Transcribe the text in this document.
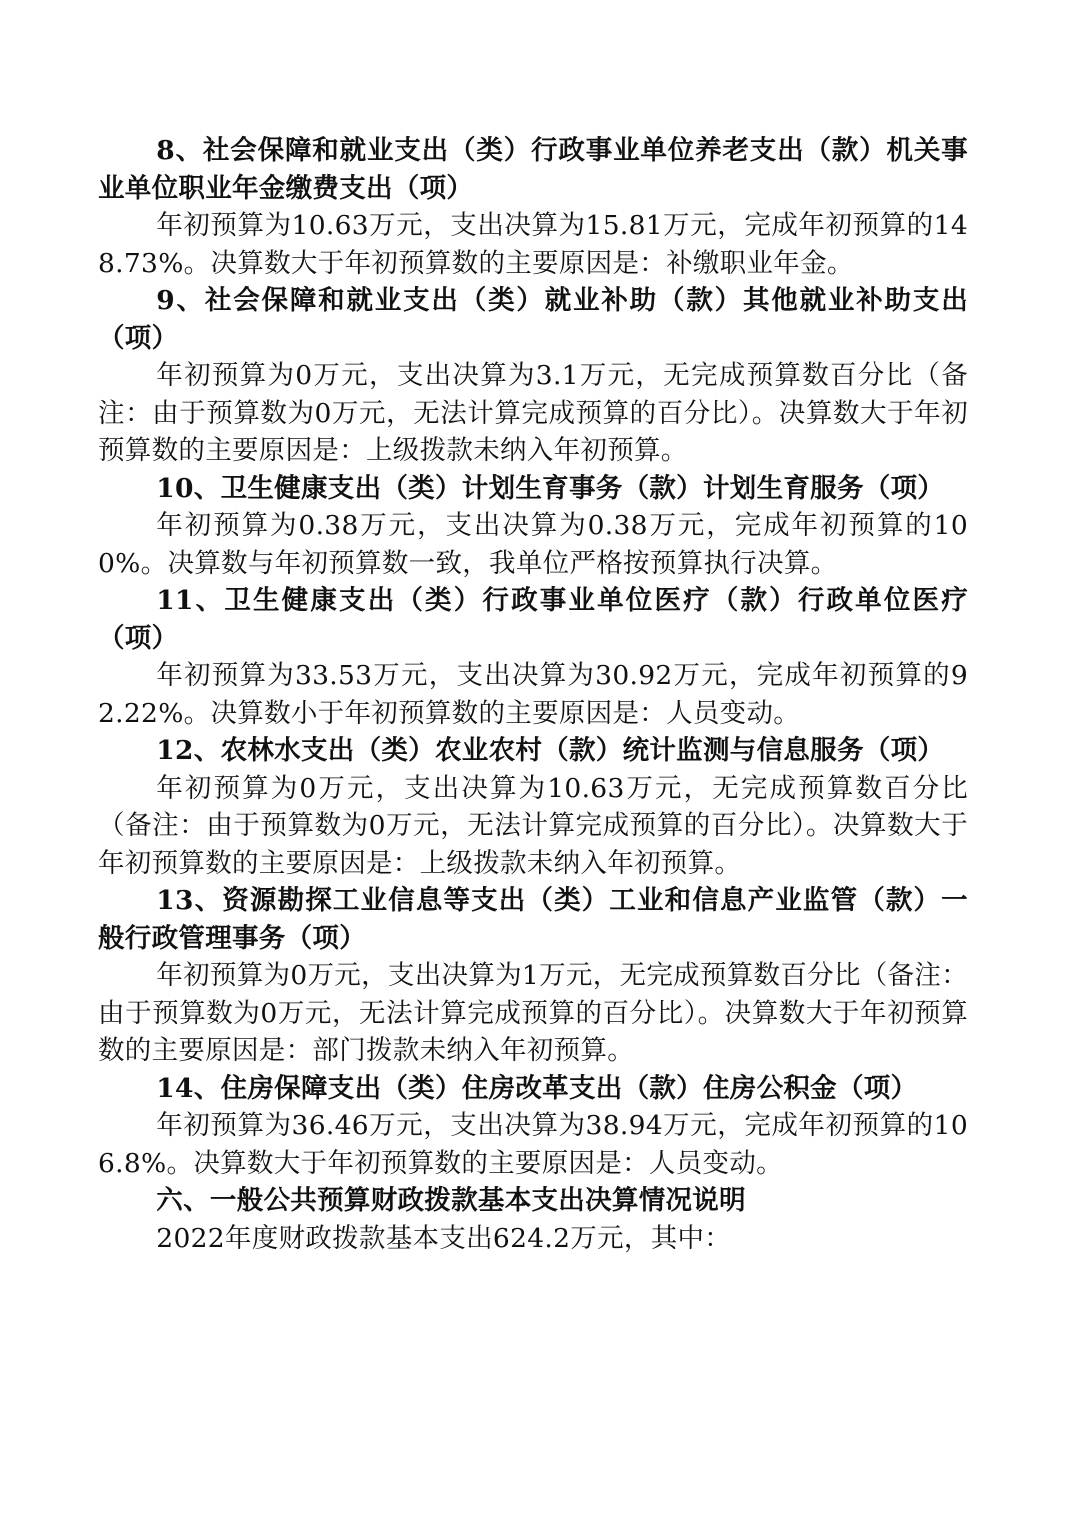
8、社会保障和就业支出（类）行政事业单位养老支出（款）机关事业单位职业年金缴费支出（项）

年初预算为10.63万元，支出决算为15.81万元，完成年初预算的148.73%。决算数大于年初预算数的主要原因是：补缴职业年金。

9、社会保障和就业支出（类）就业补助（款）其他就业补助支出（项）

年初预算为0万元，支出决算为3.1万元，无完成预算数百分比（备注：由于预算数为0万元，无法计算完成预算的百分比）。决算数大于年初预算数的主要原因是：上级拨款未纳入年初预算。

10、卫生健康支出（类）计划生育事务（款）计划生育服务（项）

年初预算为0.38万元，支出决算为0.38万元，完成年初预算的100%。决算数与年初预算数一致，我单位严格按预算执行决算。

11、卫生健康支出（类）行政事业单位医疗（款）行政单位医疗（项）

年初预算为33.53万元，支出决算为30.92万元，完成年初预算的92.22%。决算数小于年初预算数的主要原因是：人员变动。

12、农林水支出（类）农业农村（款）统计监测与信息服务（项）

年初预算为0万元，支出决算为10.63万元，无完成预算数百分比（备注：由于预算数为0万元，无法计算完成预算的百分比）。决算数大于年初预算数的主要原因是：上级拨款未纳入年初预算。

13、资源勘探工业信息等支出（类）工业和信息产业监管（款）一般行政管理事务（项）

年初预算为0万元，支出决算为1万元，无完成预算数百分比（备注：由于预算数为0万元，无法计算完成预算的百分比）。决算数大于年初预算数的主要原因是：部门拨款未纳入年初预算。

14、住房保障支出（类）住房改革支出（款）住房公积金（项）

年初预算为36.46万元，支出决算为38.94万元，完成年初预算的106.8%。决算数大于年初预算数的主要原因是：人员变动。

六、一般公共预算财政拨款基本支出决算情况说明

2022年度财政拨款基本支出624.2万元，其中：
